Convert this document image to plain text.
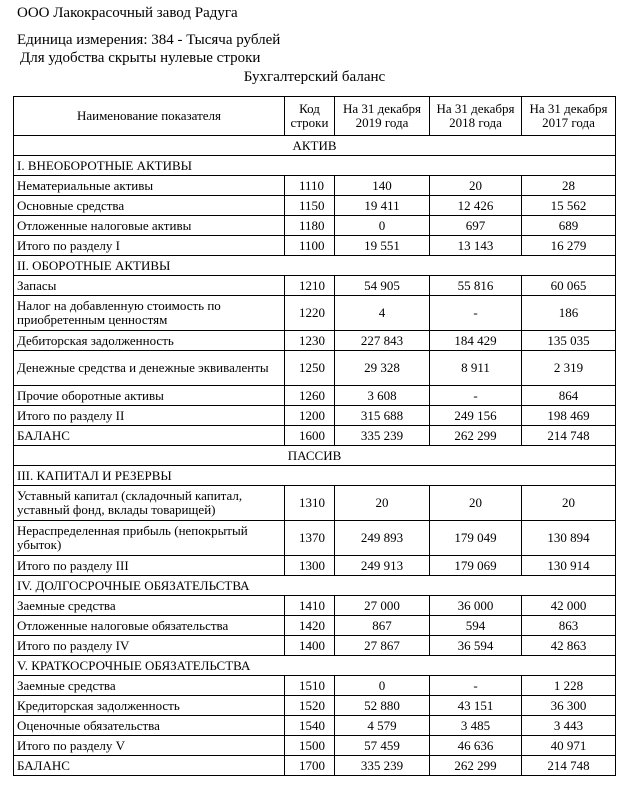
ООО Лакокрасочный завод Радуга
Единица измерения: 384 - Тысяча рублей
Для удобства скрыты нулевые строки
Бухгалтерский баланс
Наименование показателя	Код строки	На 31 декабря 2019 года	На 31 декабря 2018 года	На 31 декабря 2017 года
АКТИВ				
I. ВНЕОБОРОТНЫЕ АКТИВЫ				
Нематериальные активы	1110	140	20	28
Основные средства	1150	19 411	12 426	15 562
Отложенные налоговые активы	1180	0	697	689
Итого по разделу I	1100	19 551	13 143	16 279
II. ОБОРОТНЫЕ АКТИВЫ				
Запасы	1210	54 905	55 816	60 065
Налог на добавленную стоимость по приобретенным ценностям	1220	4	-	186
Дебиторская задолженность	1230	227 843	184 429	135 035
Денежные средства и денежные эквиваленты	1250	29 328	8 911	2 319
Прочие оборотные активы	1260	3 608	-	864
Итого по разделу II	1200	315 688	249 156	198 469
БАЛАНС	1600	335 239	262 299	214 748
ПАССИВ				
III. КАПИТАЛ И РЕЗЕРВЫ				
Уставный капитал (складочный капитал, уставный фонд, вклады товарищей)	1310	20	20	20
Нераспределенная прибыль (непокрытый убыток)	1370	249 893	179 049	130 894
Итого по разделу III	1300	249 913	179 069	130 914
IV. ДОЛГОСРОЧНЫЕ ОБЯЗАТЕЛЬСТВА				
Заемные средства	1410	27 000	36 000	42 000
Отложенные налоговые обязательства	1420	867	594	863
Итого по разделу IV	1400	27 867	36 594	42 863
V. КРАТКОСРОЧНЫЕ ОБЯЗАТЕЛЬСТВА				
Заемные средства	1510	0	-	1 228
Кредиторская задолженность	1520	52 880	43 151	36 300
Оценочные обязательства	1540	4 579	3 485	3 443
Итого по разделу V	1500	57 459	46 636	40 971
БАЛАНС	1700	335 239	262 299	214 748
